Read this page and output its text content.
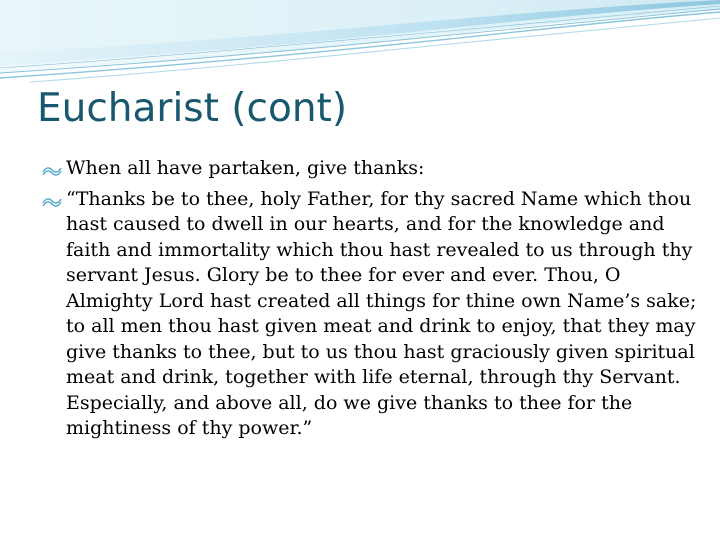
Eucharist (cont)
When all have partaken, give thanks:
“Thanks be to thee, holy Father, for thy sacred Name which thou hast caused to dwell in our hearts, and for the knowledge and faith and immortality which thou hast revealed to us through thy servant Jesus. Glory be to thee for ever and ever. Thou, O Almighty Lord hast created all things for thine own Name’s sake; to all men thou hast given meat and drink to enjoy, that they may give thanks to thee, but to us thou hast graciously given spiritual meat and drink, together with life eternal, through thy Servant. Especially, and above all, do we give thanks to thee for the mightiness of thy power.”
